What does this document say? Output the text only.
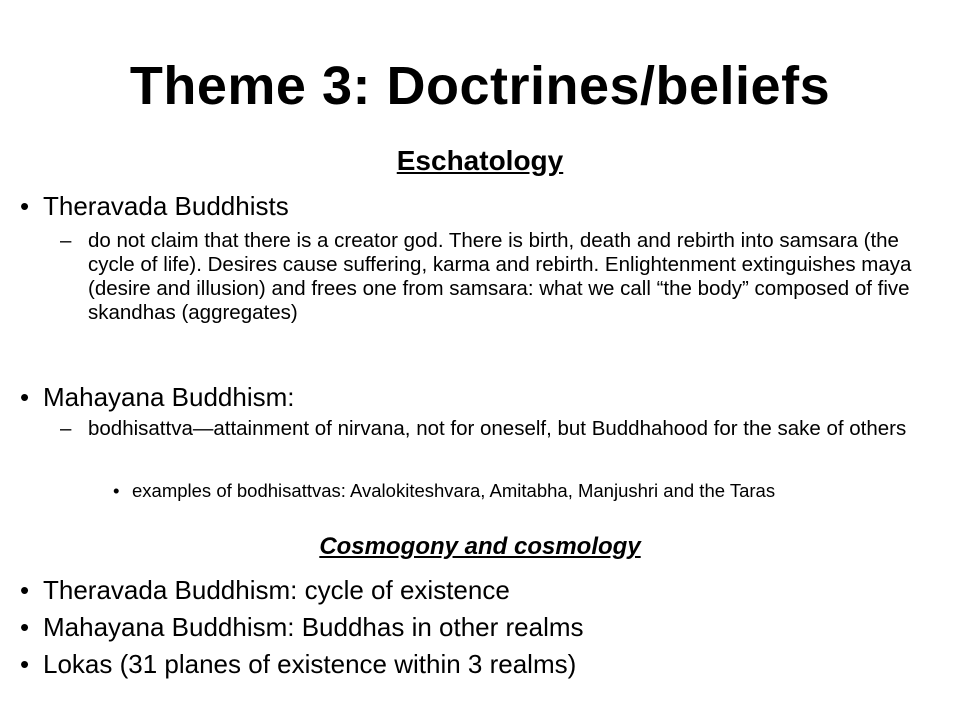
Theme 3: Doctrines/beliefs
Eschatology
• Theravada Buddhists
– do not claim that there is a creator god. There is birth, death and rebirth into samsara (the cycle of life). Desires cause suffering, karma and rebirth. Enlightenment extinguishes maya (desire and illusion) and frees one from samsara: what we call “the body” composed of five skandhas (aggregates)
• Mahayana Buddhism:
– bodhisattva—attainment of nirvana, not for oneself, but Buddhahood for the sake of others
• examples of bodhisattvas: Avalokiteshvara, Amitabha, Manjushri and the Taras
Cosmogony and cosmology
• Theravada Buddhism: cycle of existence
• Mahayana Buddhism: Buddhas in other realms
• Lokas (31 planes of existence within 3 realms)
